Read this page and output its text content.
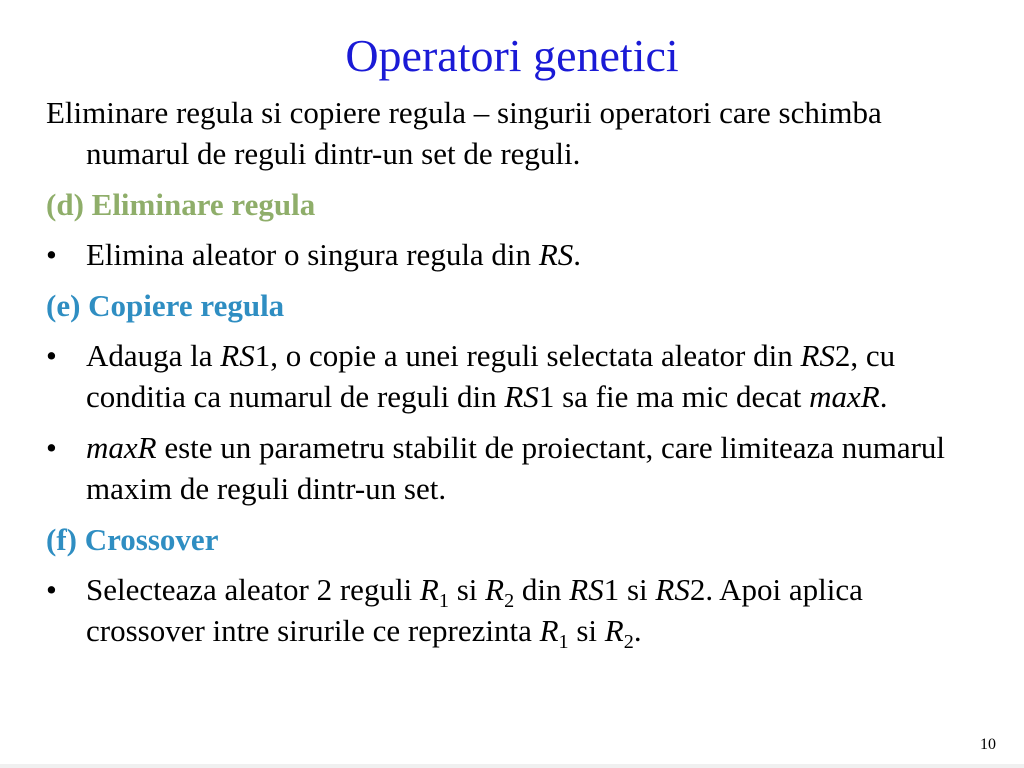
Operatori genetici

Eliminare regula si copiere regula – singurii operatori care schimba numarul de reguli dintr-un set de reguli.

(d) Eliminare regula
• Elimina aleator o singura regula din RS.
(e) Copiere regula
• Adauga la RS1, o copie a unei reguli selectata aleator din RS2, cu conditia ca numarul de reguli din RS1 sa fie ma mic decat maxR.
• maxR este un parametru stabilit de proiectant, care limiteaza numarul maxim de reguli dintr-un set.
(f) Crossover
• Selecteaza aleator 2 reguli $R_1$ si $R_2$ din RS1 si RS2. Apoi aplica crossover intre sirurile ce reprezinta $R_1$ si $R_2$.
10
